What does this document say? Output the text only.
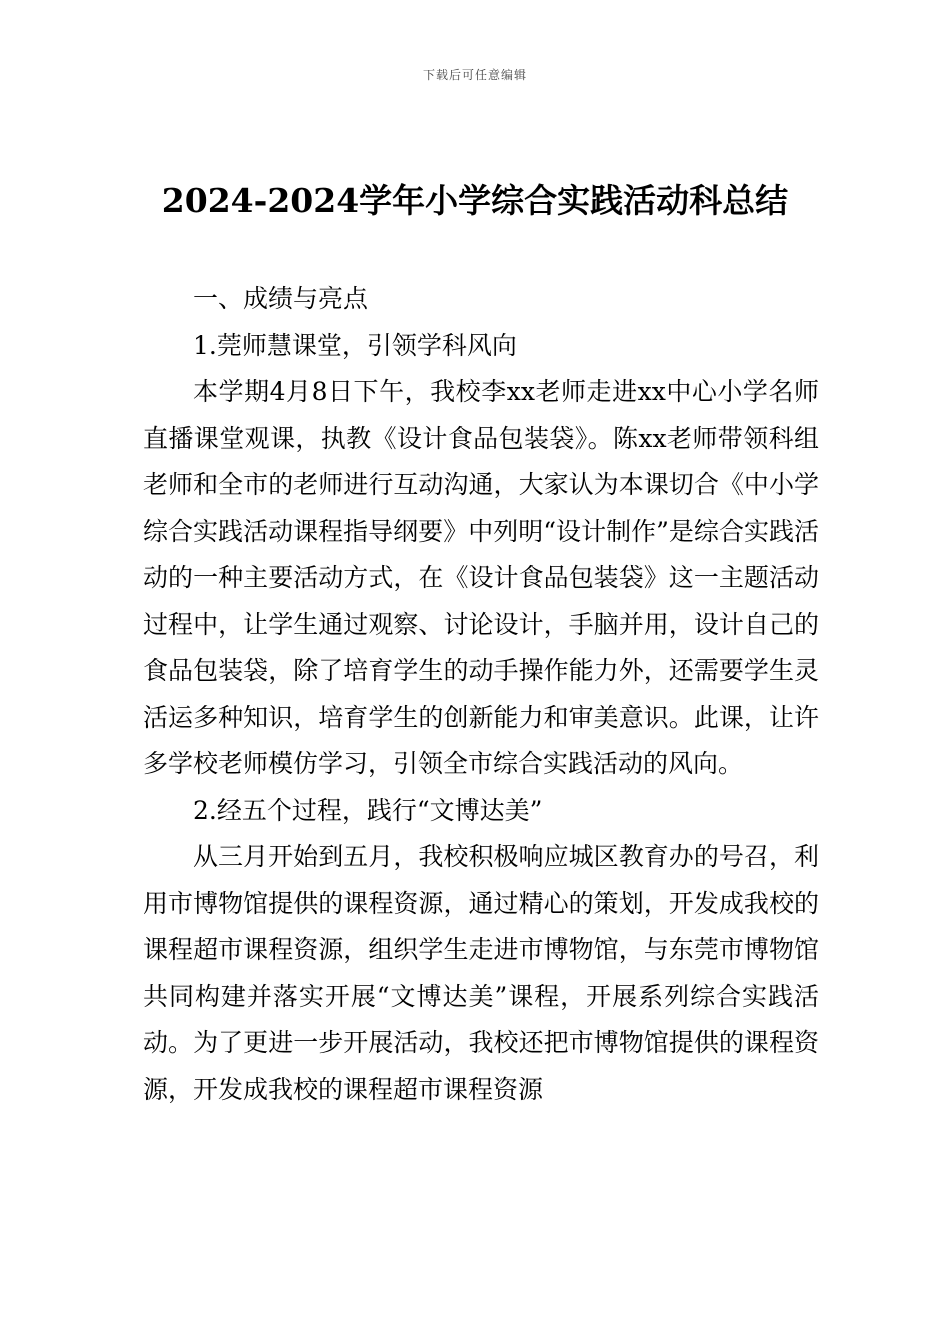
下载后可任意编辑
2024-2024学年小学综合实践活动科总结

一、成绩与亮点

1.莞师慧课堂，引领学科风向

本学期4月8日下午，我校李xx老师走进xx中心小学名师直播课堂观课，执教《设计食品包装袋》。陈xx老师带领科组老师和全市的老师进行互动沟通，大家认为本课切合《中小学综合实践活动课程指导纲要》中列明“设计制作”是综合实践活动的一种主要活动方式，在《设计食品包装袋》这一主题活动过程中，让学生通过观察、讨论设计，手脑并用，设计自己的食品包装袋，除了培育学生的动手操作能力外，还需要学生灵活运多种知识，培育学生的创新能力和审美意识。此课，让许多学校老师模仿学习，引领全市综合实践活动的风向。

2.经五个过程，践行“文博达美”

从三月开始到五月，我校积极响应城区教育办的号召，利用市博物馆提供的课程资源，通过精心的策划，开发成我校的课程超市课程资源，组织学生走进市博物馆，与东莞市博物馆共同构建并落实开展“文博达美”课程，开展系列综合实践活动。为了更进一步开展活动，我校还把市博物馆提供的课程资源，开发成我校的课程超市课程资源
